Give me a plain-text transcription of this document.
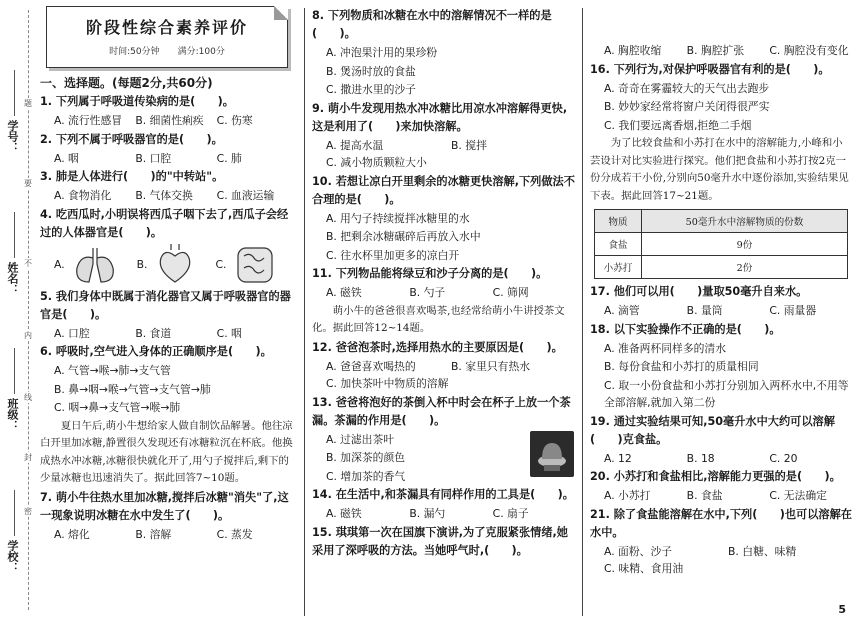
学号：
姓名：
班级：
学校：
题
要
不
内
线
封
密
阶段性综合素养评价
时间:50分钟　　满分:100分
一、选择题。(每题2分,共60分)
1. 下列属于呼吸道传染病的是(　　)。
A. 流行性感冒	B. 细菌性痢疾	C. 伤寒
2. 下列不属于呼吸器官的是(　　)。
A. 咽	B. 口腔	C. 肺
3. 肺是人体进行(　　)的"中转站"。
A. 食物消化	B. 气体交换	C. 血液运输
4. 吃西瓜时,小明误将西瓜子咽下去了,西瓜子会经过的人体器官是(　　)。
A.	B.	C.
5. 我们身体中既属于消化器官又属于呼吸器官的器官是(　　)。
A. 口腔	B. 食道	C. 咽
6. 呼吸时,空气进入身体的正确顺序是(　　)。
A. 气管→喉→肺→支气管
B. 鼻→咽→喉→气管→支气管→肺
C. 咽→鼻→支气管→喉→肺
夏日午后,萌小牛想给家人做自制饮品解暑。他往凉白开里加冰糖,静置很久发现还有冰糖粒沉在杯底。他换成热水冲冰糖,冰糖很快就化开了,用勺子搅拌后,剩下的少量冰糖也迅速消失了。据此回答7~10题。
7. 萌小牛往热水里加冰糖,搅拌后冰糖"消失"了,这一现象说明冰糖在水中发生了(　　)。
A. 熔化	B. 溶解	C. 蒸发
8. 下列物质和冰糖在水中的溶解情况不一样的是(　　)。
A. 冲泡果汁用的果珍粉
B. 煲汤时放的食盐
C. 撒进水里的沙子
9. 萌小牛发现用热水冲冰糖比用凉水冲溶解得更快,这是利用了(　　)来加快溶解。
A. 提高水温	B. 搅拌
C. 减小物质颗粒大小
10. 若想让凉白开里剩余的冰糖更快溶解,下列做法不合理的是(　　)。
A. 用勺子持续搅拌冰糖里的水
B. 把剩余冰糖碾碎后再放入水中
C. 往水杯里加更多的凉白开
11. 下列物品能将绿豆和沙子分离的是(　　)。
A. 磁铁	B. 勺子	C. 筛网
萌小牛的爸爸很喜欢喝茶,也经常给萌小牛讲授茶文化。据此回答12~14题。
12. 爸爸泡茶时,选择用热水的主要原因是(　　)。
A. 爸爸喜欢喝热的	B. 家里只有热水
C. 加快茶叶中物质的溶解
13. 爸爸将泡好的茶倒入杯中时会在杯子上放一个茶漏。茶漏的作用是(　　)。
A. 过滤出茶叶
B. 加深茶的颜色
C. 增加茶的香气
14. 在生活中,和茶漏具有同样作用的工具是(　　)。
A. 磁铁	B. 漏勺	C. 扇子
15. 琪琪第一次在国旗下演讲,为了克服紧张情绪,她采用了深呼吸的方法。当她呼气时,(　　)。
A. 胸腔收缩	B. 胸腔扩张	C. 胸腔没有变化
16. 下列行为,对保护呼吸器官有利的是(　　)。
A. 奇奇在雾霾较大的天气出去跑步
B. 妙妙家经常将窗户关闭得很严实
C. 我们要远离香烟,拒绝二手烟
为了比较食盐和小苏打在水中的溶解能力,小峰和小芸设计对比实验进行探究。他们把食盐和小苏打按2克一份分成若干小份,分别向50毫升水中逐份添加,实验结果见下表。据此回答17~21题。
物质	50毫升水中溶解物质的份数
食盐	9份
小苏打	2份
17. 他们可以用(　　)量取50毫升自来水。
A. 滴管	B. 量筒	C. 雨量器
18. 以下实验操作不正确的是(　　)。
A. 准备两杯同样多的清水
B. 每份食盐和小苏打的质量相同
C. 取一小份食盐和小苏打分别加入两杯水中,不用等全部溶解,就加入第二份
19. 通过实验结果可知,50毫升水中大约可以溶解(　　)克食盐。
A. 12	B. 18	C. 20
20. 小苏打和食盐相比,溶解能力更强的是(　　)。
A. 小苏打	B. 食盐	C. 无法确定
21. 除了食盐能溶解在水中,下列(　　)也可以溶解在水中。
A. 面粉、沙子	B. 白糖、味精
C. 味精、食用油
5
